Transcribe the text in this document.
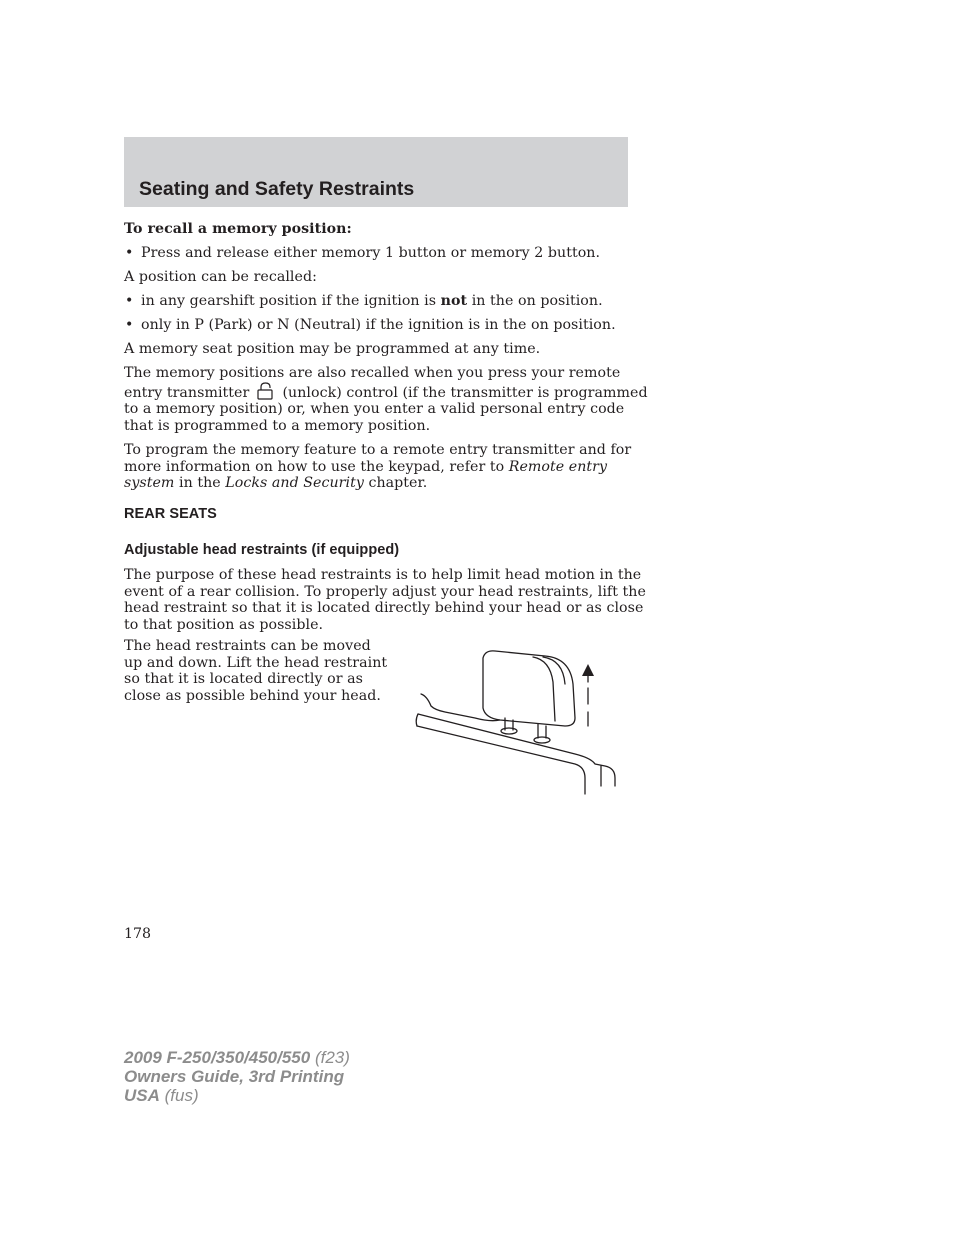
Seating and Safety Restraints
To recall a memory position:
• Press and release either memory 1 button or memory 2 button.
A position can be recalled:
• in any gearshift position if the ignition is not in the on position.
• only in P (Park) or N (Neutral) if the ignition is in the on position.
A memory seat position may be programmed at any time.
The memory positions are also recalled when you press your remote
entry transmitter (unlock) control (if the transmitter is programmed
to a memory position) or, when you enter a valid personal entry code
that is programmed to a memory position.
To program the memory feature to a remote entry transmitter and for
more information on how to use the keypad, refer to Remote entry
system in the Locks and Security chapter.
REAR SEATS
Adjustable head restraints (if equipped)
The purpose of these head restraints is to help limit head motion in the
event of a rear collision. To properly adjust your head restraints, lift the
head restraint so that it is located directly behind your head or as close
to that position as possible.
The head restraints can be moved
up and down. Lift the head restraint
so that it is located directly or as
close as possible behind your head.
178
2009 F-250/350/450/550 (f23)
Owners Guide, 3rd Printing
USA (fus)
